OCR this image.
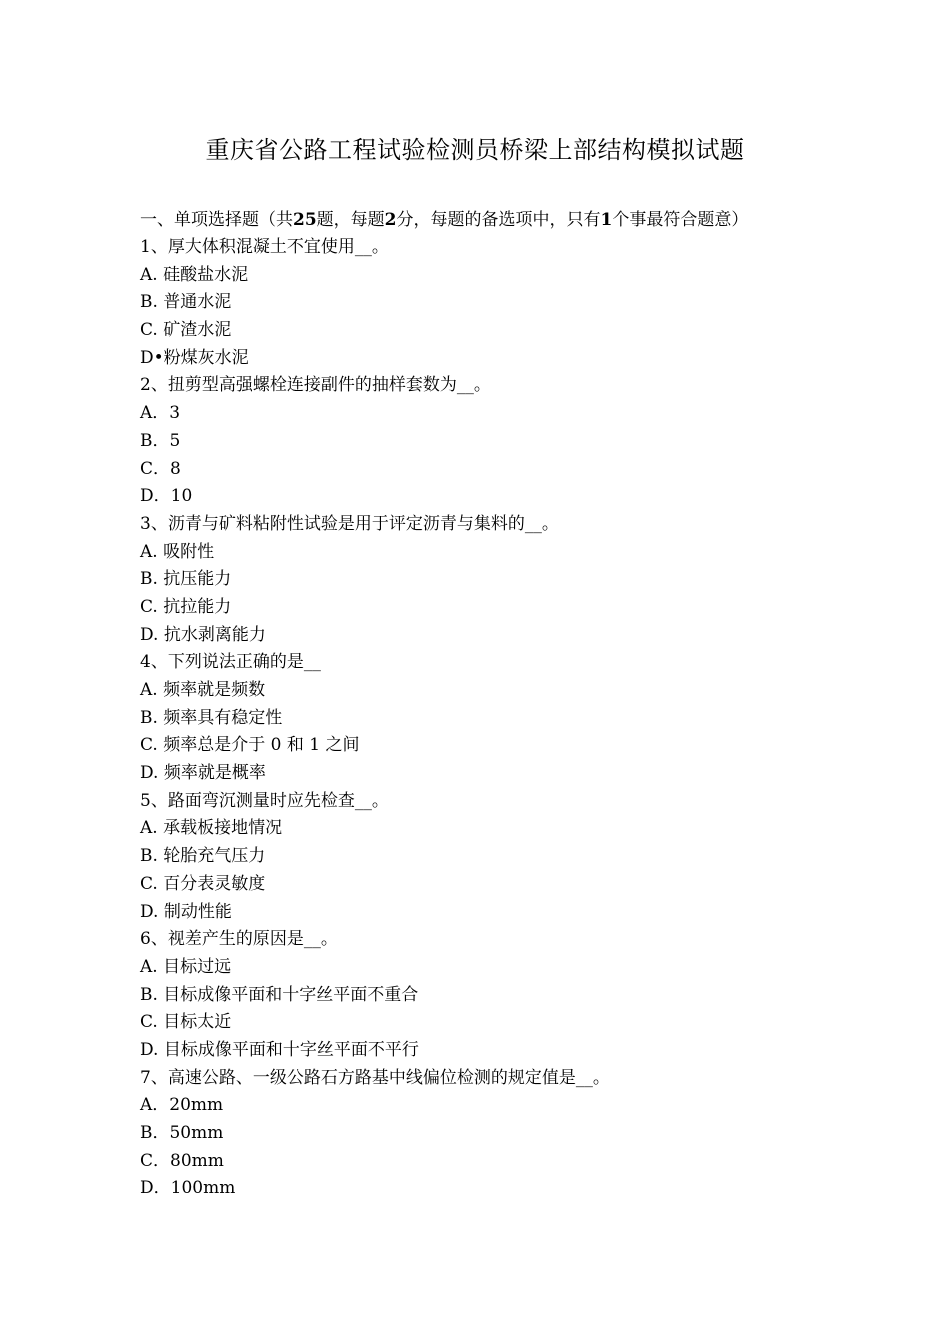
重庆省公路工程试验检测员桥梁上部结构模拟试题
一、单项选择题（共25题，每题2分，每题的备选项中，只有1个事最符合题意）
1、厚大体积混凝土不宜使用__。
A. 硅酸盐水泥
B. 普通水泥
C. 矿渣水泥
D•粉煤灰水泥
2、扭剪型高强螺栓连接副件的抽样套数为__。
A．3
B．5
C．8
D．10
3、沥青与矿料粘附性试验是用于评定沥青与集料的__。
A. 吸附性
B. 抗压能力
C. 抗拉能力
D. 抗水剥离能力
4、下列说法正确的是__
A. 频率就是频数
B. 频率具有稳定性
C. 频率总是介于 0 和 1 之间
D. 频率就是概率
5、路面弯沉测量时应先检查__。
A. 承载板接地情况
B. 轮胎充气压力
C. 百分表灵敏度
D. 制动性能
6、视差产生的原因是__。
A. 目标过远
B. 目标成像平面和十字丝平面不重合
C. 目标太近
D. 目标成像平面和十字丝平面不平行
7、高速公路、一级公路石方路基中线偏位检测的规定值是__。
A．20mm
B．50mm
C．80mm
D．100mm
